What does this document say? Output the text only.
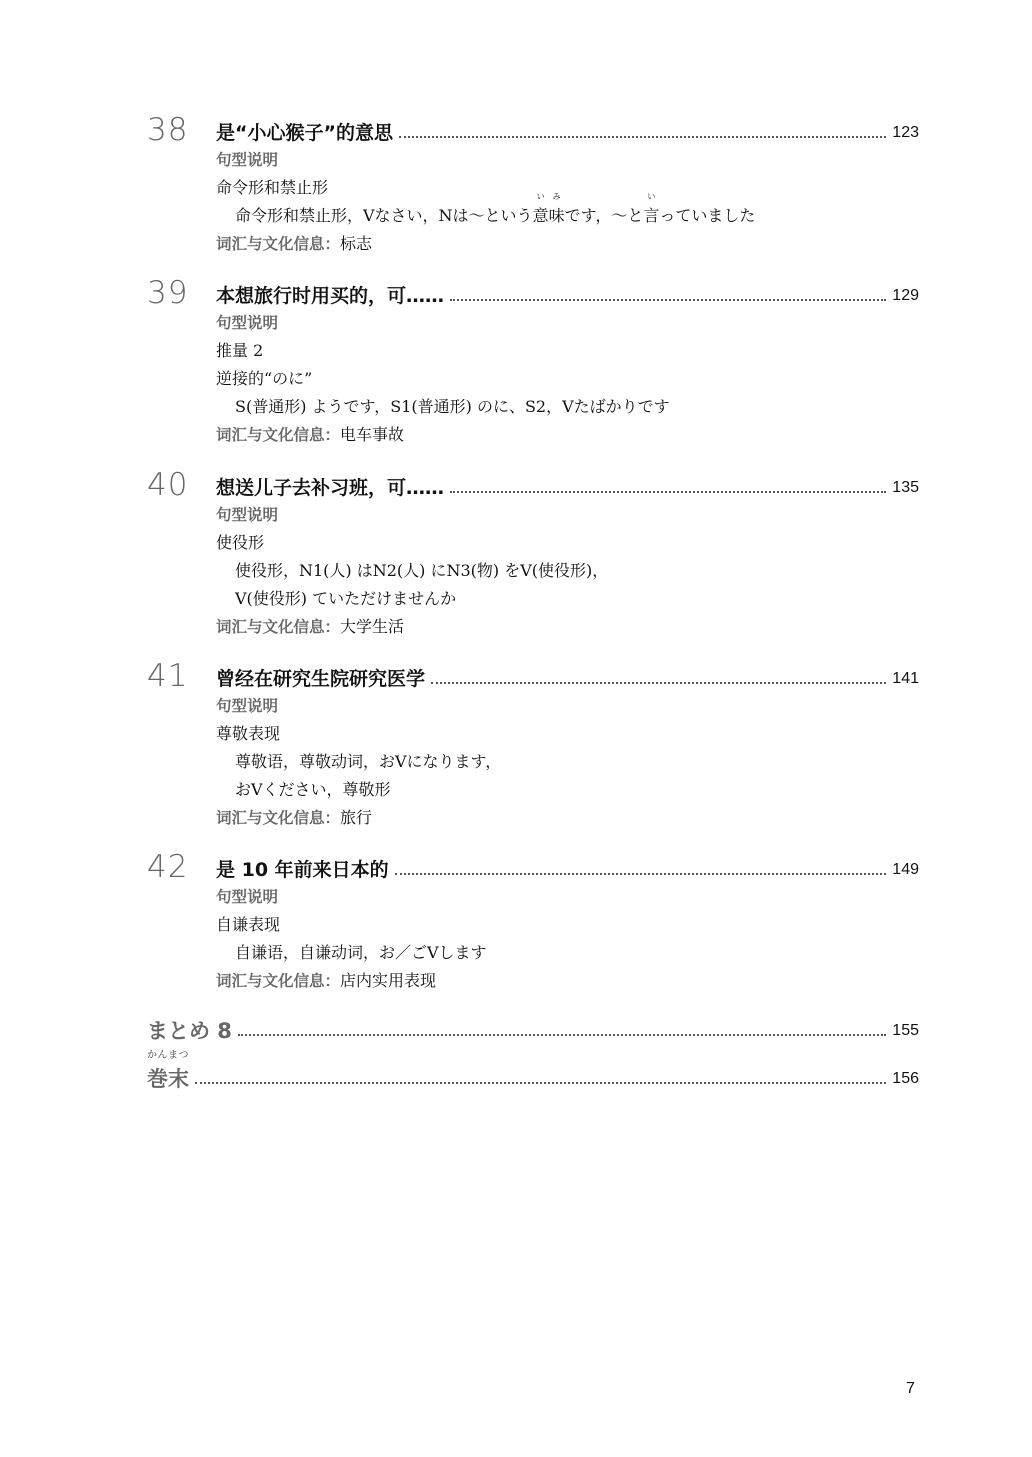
38	是“小心猴子”的意思	123
句型说明
命令形和禁止形
命令形和禁止形，Vなさい，Nは～という
い
意
み
味です，～と
い
言っていました
词汇与文化信息：标志
39	本想旅行时用买的，可……	129
句型说明
推量 2
逆接的“のに”
S(普通形) ようです，S1(普通形) のに、S2，Vたばかりです
词汇与文化信息：电车事故
40	想送儿子去补习班，可……	135
句型说明
使役形
使役形，N1(人) はN2(人) にN3(物) をV(使役形)，
V(使役形) ていただけませんか
词汇与文化信息：大学生活
41	曾经在研究生院研究医学	141
句型说明
尊敬表现
尊敬语，尊敬动词，おVになります，
おVください，尊敬形
词汇与文化信息：旅行
42	是 10 年前来日本的	149
句型说明
自谦表现
自谦语，自谦动词，お／ごVします
词汇与文化信息：店内实用表现
まとめ 8	155
かんまつ
巻末	156
7
